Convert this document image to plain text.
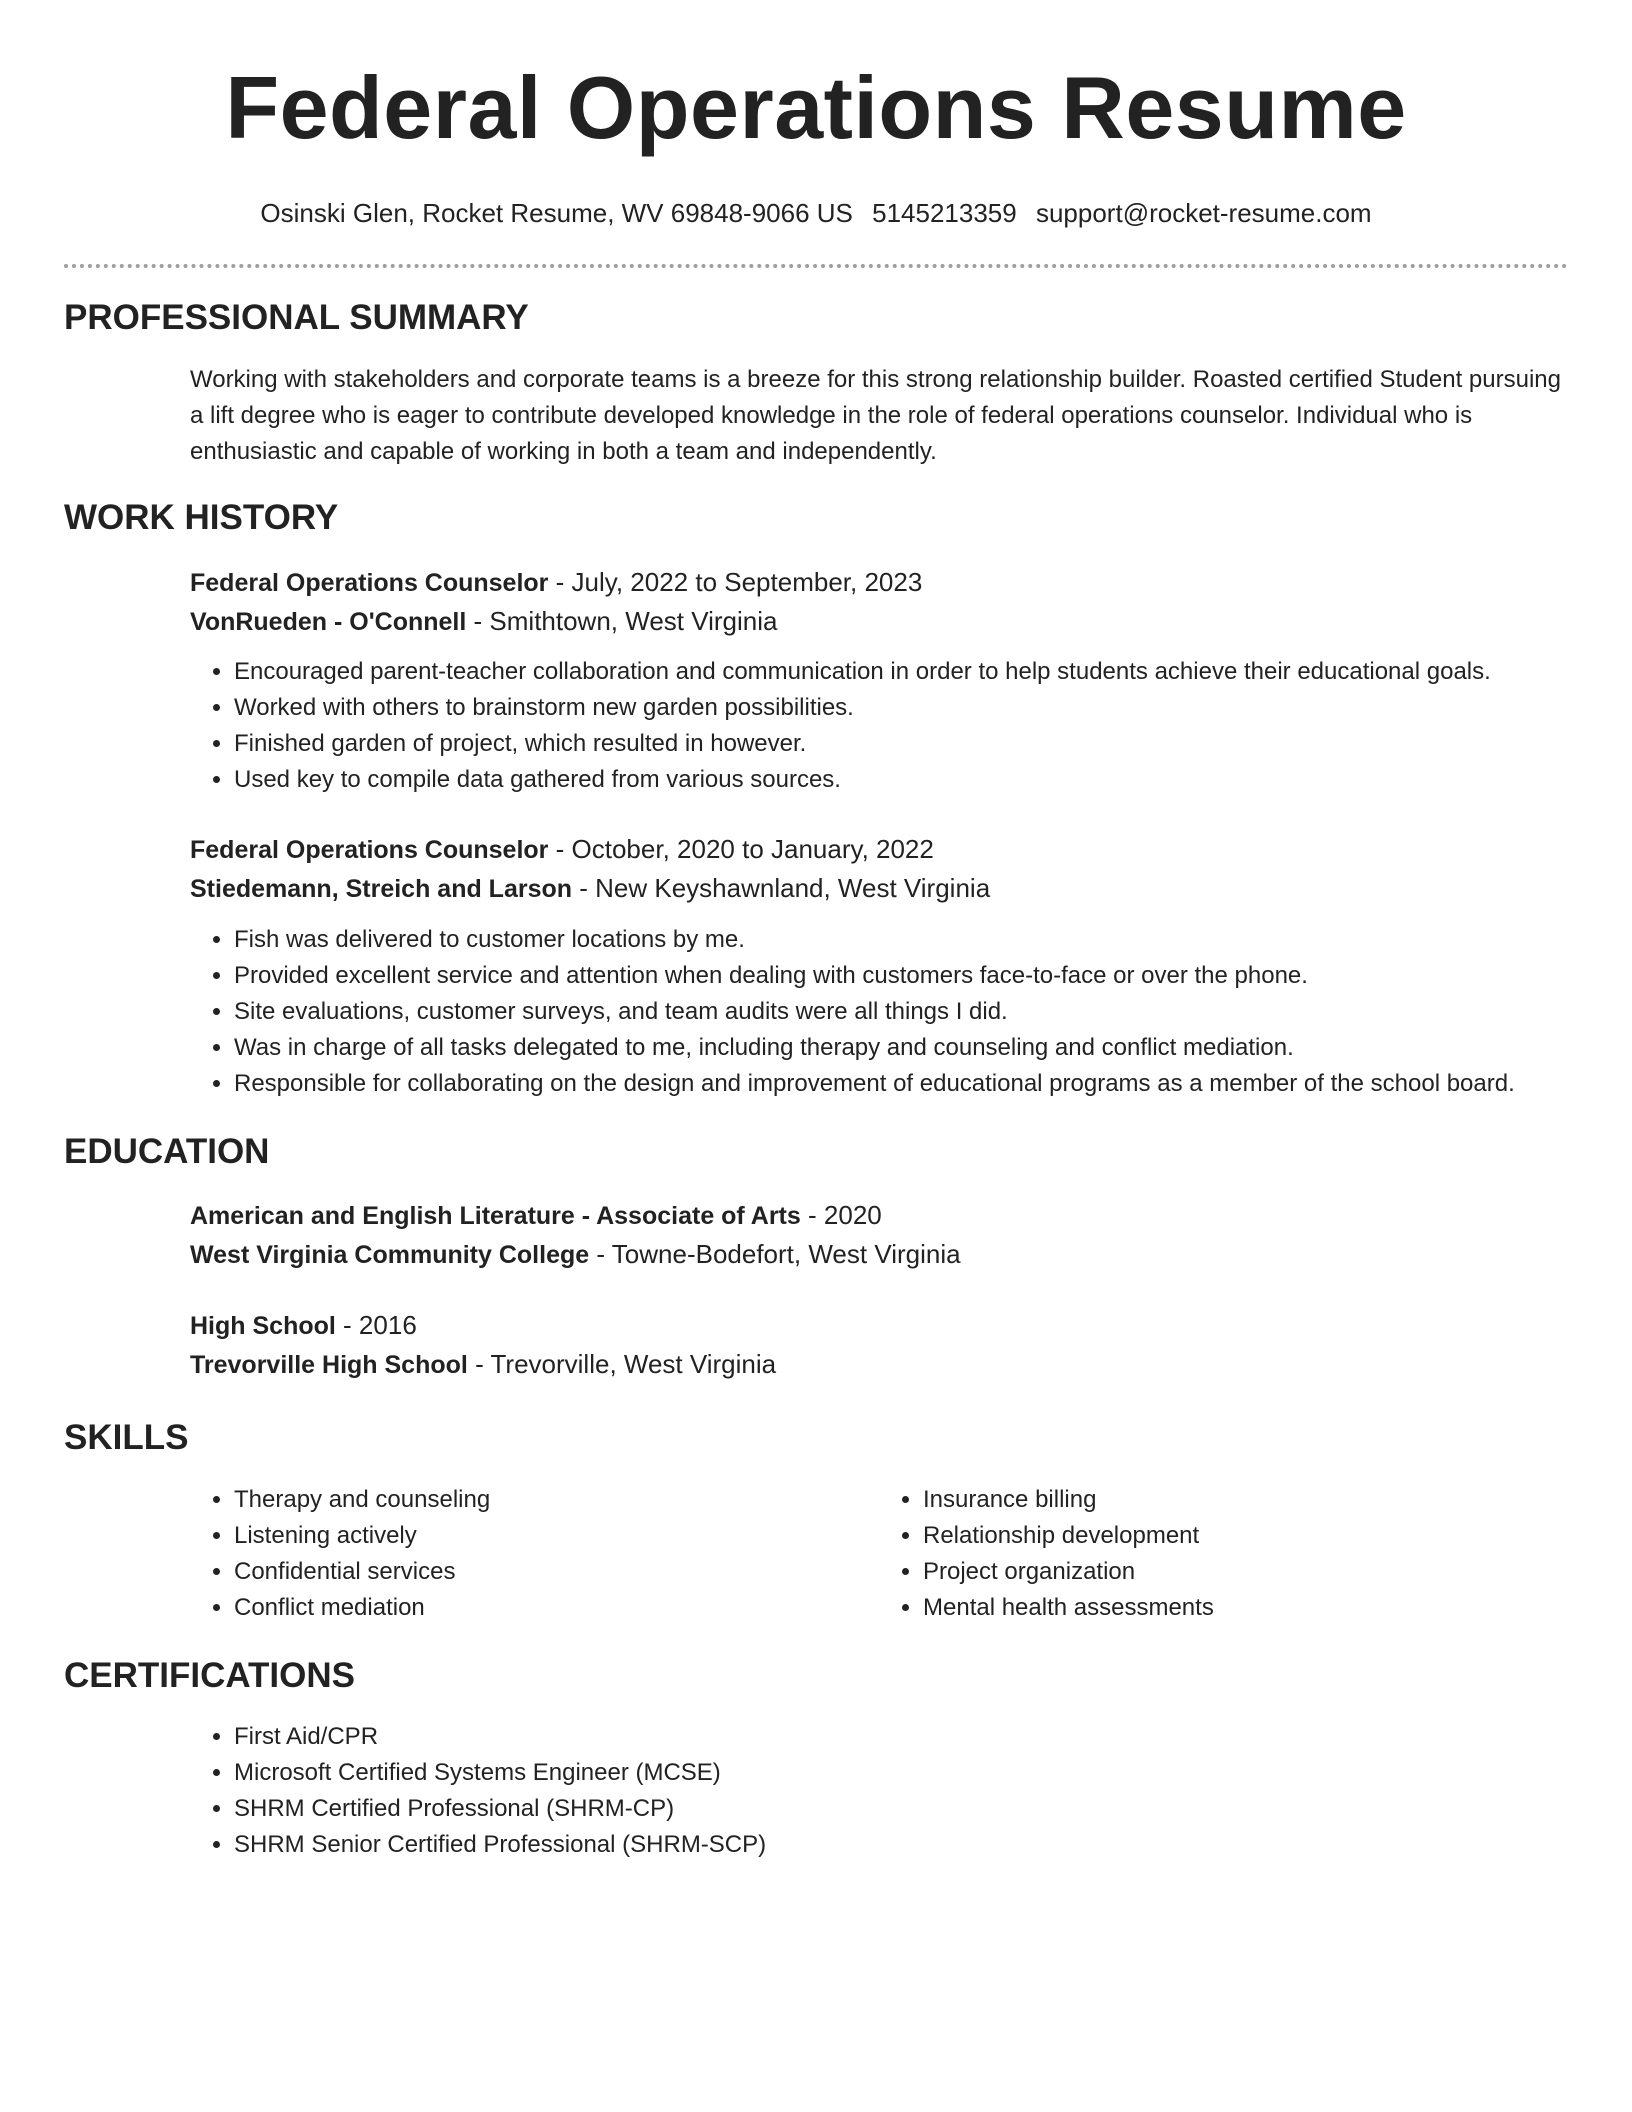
Federal Operations Resume
Osinski Glen, Rocket Resume, WV 69848-9066 US 5145213359 support@rocket-resume.com
PROFESSIONAL SUMMARY

Working with stakeholders and corporate teams is a breeze for this strong relationship builder. Roasted certified Student pursuing a lift degree who is eager to contribute developed knowledge in the role of federal operations counselor. Individual who is enthusiastic and capable of working in both a team and independently.

WORK HISTORY

Federal Operations Counselor - July, 2022 to September, 2023

VonRueden - O'Connell - Smithtown, West Virginia

• Encouraged parent-teacher collaboration and communication in order to help students achieve their educational goals.
• Worked with others to brainstorm new garden possibilities.
• Finished garden of project, which resulted in however.
• Used key to compile data gathered from various sources.

Federal Operations Counselor - October, 2020 to January, 2022

Stiedemann, Streich and Larson - New Keyshawnland, West Virginia

• Fish was delivered to customer locations by me.
• Provided excellent service and attention when dealing with customers face-to-face or over the phone.
• Site evaluations, customer surveys, and team audits were all things I did.
• Was in charge of all tasks delegated to me, including therapy and counseling and conflict mediation.
• Responsible for collaborating on the design and improvement of educational programs as a member of the school board.
EDUCATION

American and English Literature - Associate of Arts - 2020

West Virginia Community College - Towne-Bodefort, West Virginia

High School - 2016

Trevorville High School - Trevorville, West Virginia

SKILLS
• Therapy and counseling
• Listening actively
• Confidential services
• Conflict mediation
• Insurance billing
• Relationship development
• Project organization
• Mental health assessments
CERTIFICATIONS
• First Aid/CPR
• Microsoft Certified Systems Engineer (MCSE)
• SHRM Certified Professional (SHRM-CP)
• SHRM Senior Certified Professional (SHRM-SCP)
